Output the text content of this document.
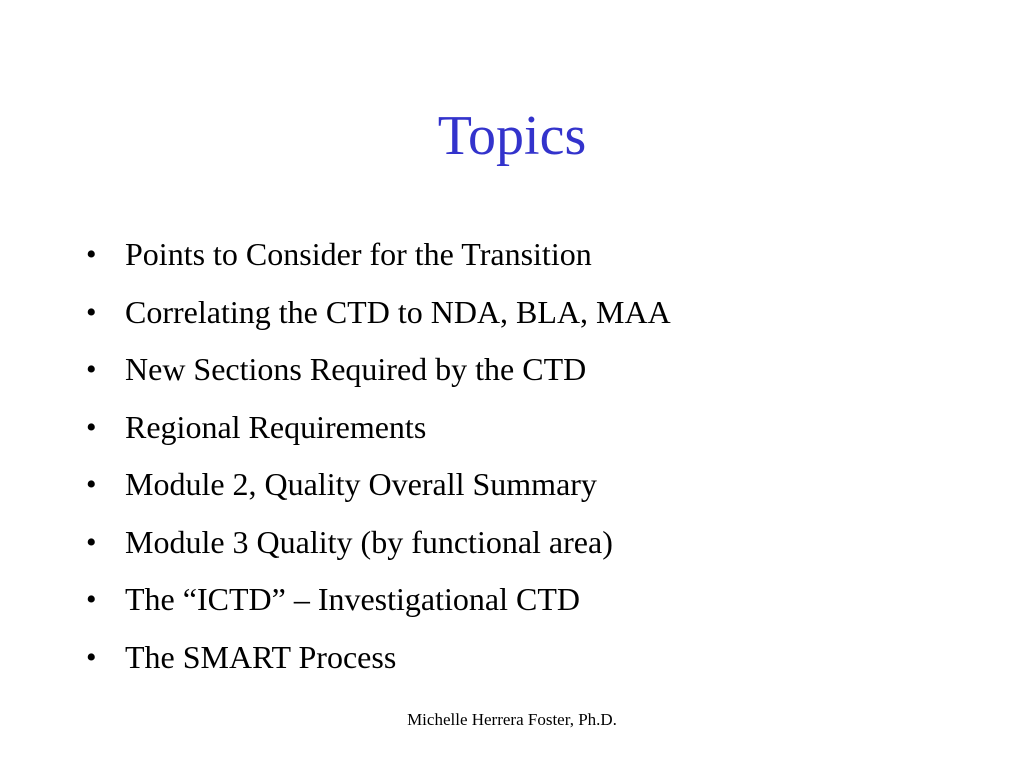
Topics
• Points to Consider for the Transition
• Correlating the CTD to NDA, BLA, MAA
• New Sections Required by the CTD
• Regional Requirements
• Module 2, Quality Overall Summary
• Module 3 Quality (by functional area)
• The “ICTD” – Investigational CTD
• The SMART Process
Michelle Herrera Foster, Ph.D.
